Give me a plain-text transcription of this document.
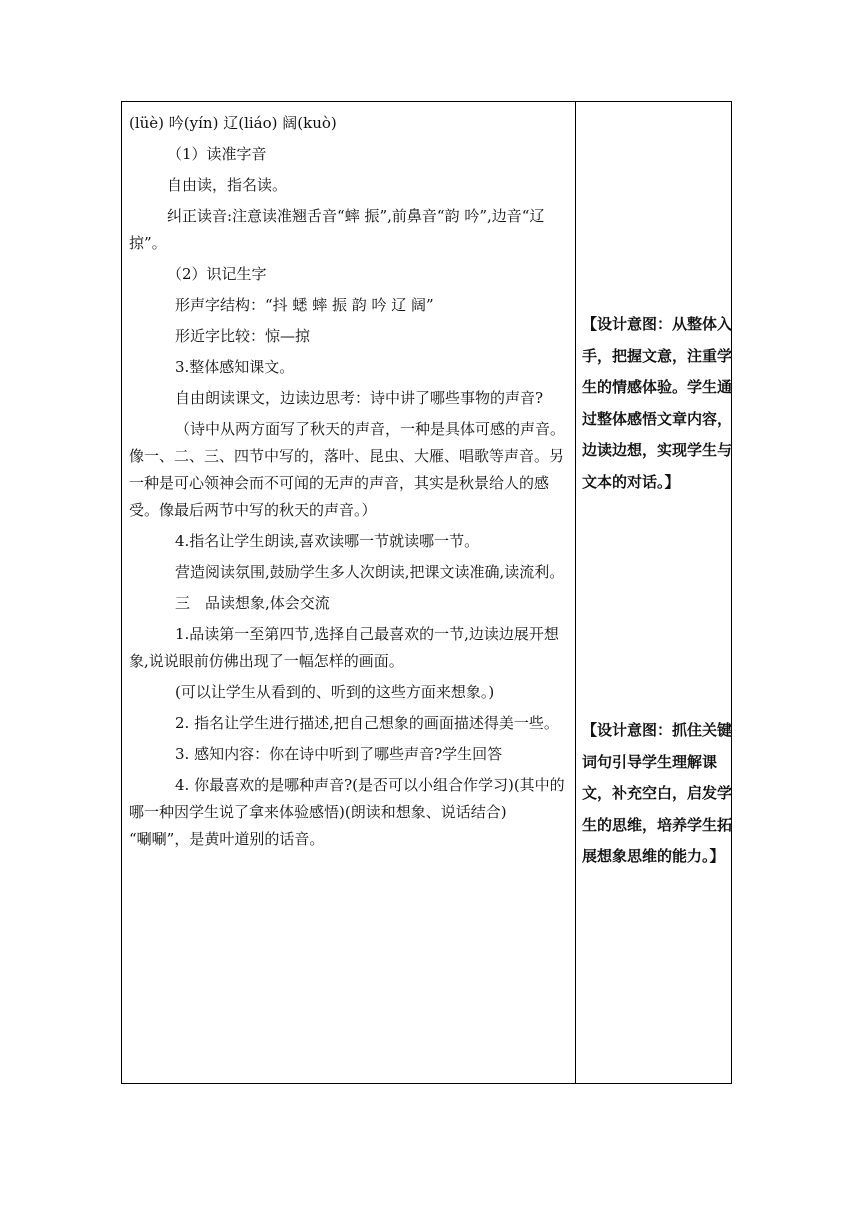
(lüè) 吟(yín) 辽(liáo) 阔(kuò)

（1）读准字音

自由读，指名读。

纠正读音:注意读准翘舌音“蟀 振”,前鼻音“韵 吟”,边音“辽 掠”。

（2）识记生字

形声字结构：“抖 蟋 蟀 振 韵 吟 辽 阔”

形近字比较：惊—掠

3.整体感知课文。

自由朗读课文，边读边思考：诗中讲了哪些事物的声音?

（诗中从两方面写了秋天的声音，一种是具体可感的声音。像一、二、三、四节中写的，落叶、昆虫、大雁、唱歌等声音。另一种是可心领神会而不可闻的无声的声音，其实是秋景给人的感受。像最后两节中写的秋天的声音。）

4.指名让学生朗读,喜欢读哪一节就读哪一节。

营造阅读氛围,鼓励学生多人次朗读,把课文读准确,读流利。

三　品读想象,体会交流

1.品读第一至第四节,选择自己最喜欢的一节,边读边展开想象,说说眼前仿佛出现了一幅怎样的画面。

(可以让学生从看到的、听到的这些方面来想象。)

2. 指名让学生进行描述,把自己想象的画面描述得美一些。

3. 感知内容：你在诗中听到了哪些声音?学生回答

4. 你最喜欢的是哪种声音?(是否可以小组合作学习)(其中的哪一种因学生说了拿来体验感悟)(朗读和想象、说话结合)

“唰唰”，是黄叶道别的话音。

【设计意图：从整体入手，把握文意，注重学生的情感体验。学生通过整体感悟文章内容，边读边想，实现学生与文本的对话。】

【设计意图：抓住关键词句引导学生理解课文，补充空白，启发学生的思维，培养学生拓展想象思维的能力。】
